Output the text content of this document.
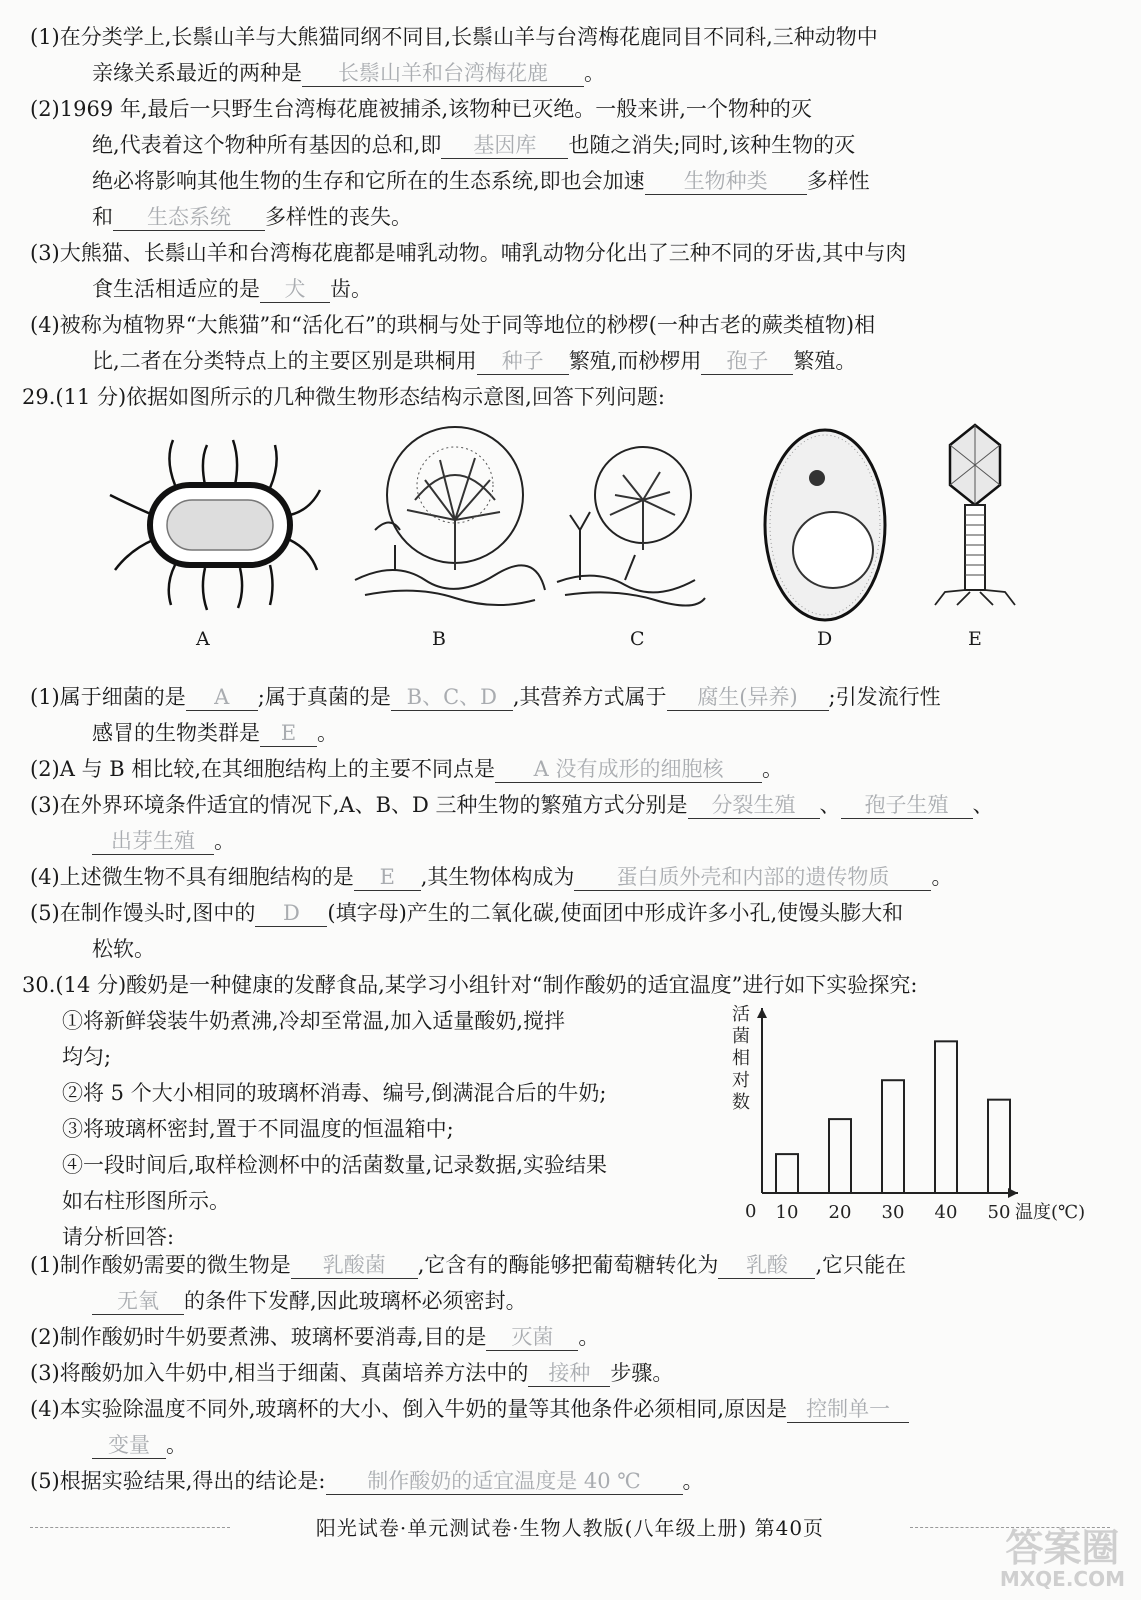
(1)在分类学上,长鬃山羊与大熊猫同纲不同目,长鬃山羊与台湾梅花鹿同目不同科,三种动物中
亲缘关系最近的两种是 长鬃山羊和台湾梅花鹿 。
(2)1969 年,最后一只野生台湾梅花鹿被捕杀,该物种已灭绝。一般来讲,一个物种的灭
绝,代表着这个物种所有基因的总和,即 基因库 也随之消失;同时,该种生物的灭
绝必将影响其他生物的生存和它所在的生态系统,即也会加速 生物种类 多样性
和 生态系统 多样性的丧失。
(3)大熊猫、长鬃山羊和台湾梅花鹿都是哺乳动物。哺乳动物分化出了三种不同的牙齿,其中与肉
食生活相适应的是 犬 齿。
(4)被称为植物界“大熊猫”和“活化石”的珙桐与处于同等地位的桫椤(一种古老的蕨类植物)相
比,二者在分类特点上的主要区别是珙桐用 种子 繁殖,而桫椤用 孢子 繁殖。
29.(11 分)依据如图所示的几种微生物形态结构示意图,回答下列问题:
A	B	C	D	E
(1)属于细菌的是 A ;属于真菌的是 B、C、D ,其营养方式属于 腐生(异养) ;引发流行性
感冒的生物类群是 E 。
(2)A 与 B 相比较,在其细胞结构上的主要不同点是 A 没有成形的细胞核 。
(3)在外界环境条件适宜的情况下,A、B、D 三种生物的繁殖方式分别是 分裂生殖 、 孢子生殖 、
出芽生殖 。
(4)上述微生物不具有细胞结构的是 E ,其生物体构成为 蛋白质外壳和内部的遗传物质 。
(5)在制作馒头时,图中的 D (填字母)产生的二氧化碳,使面团中形成许多小孔,使馒头膨大和
松软。
30.(14 分)酸奶是一种健康的发酵食品,某学习小组针对“制作酸奶的适宜温度”进行如下实验探究:
①将新鲜袋装牛奶煮沸,冷却至常温,加入适量酸奶,搅拌
均匀;
②将 5 个大小相同的玻璃杯消毒、编号,倒满混合后的牛奶;
③将玻璃杯密封,置于不同温度的恒温箱中;
④一段时间后,取样检测杯中的活菌数量,记录数据,实验结果
如右柱形图所示。
请分析回答:
活
菌
相
对
数
0	温度(℃)
10 20 30 40 50
(1)制作酸奶需要的微生物是 乳酸菌 ,它含有的酶能够把葡萄糖转化为 乳酸 ,它只能在
无氧 的条件下发酵,因此玻璃杯必须密封。
(2)制作酸奶时牛奶要煮沸、玻璃杯要消毒,目的是 灭菌 。
(3)将酸奶加入牛奶中,相当于细菌、真菌培养方法中的 接种 步骤。
(4)本实验除温度不同外,玻璃杯的大小、倒入牛奶的量等其他条件必须相同,原因是 控制单一
变量 。
(5)根据实验结果,得出的结论是: 制作酸奶的适宜温度是 40 ℃ 。
阳光试卷·单元测试卷·生物人教版(八年级上册) 第40页	答案圈
MXQE.COM
